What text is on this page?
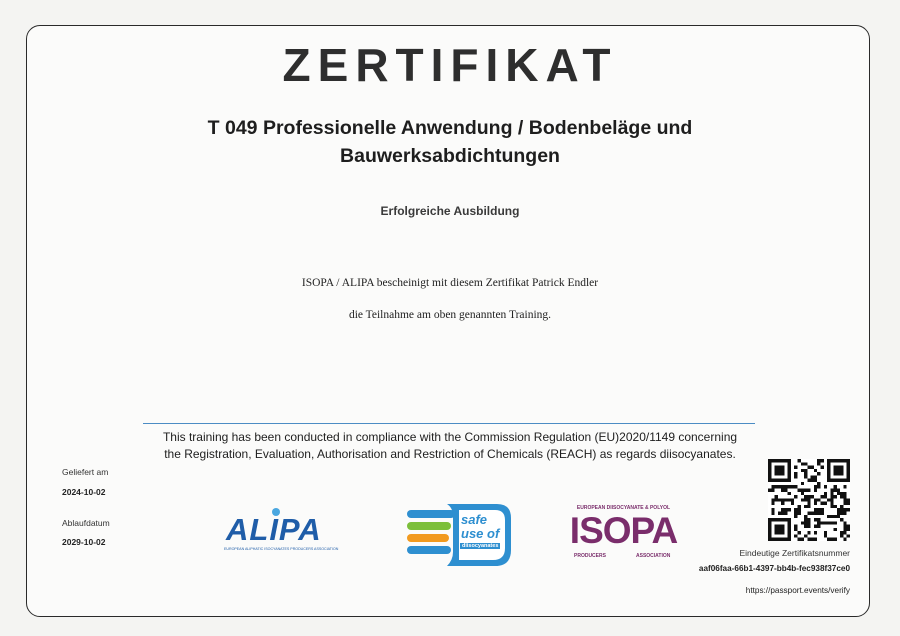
ZERTIFIKAT
T 049 Professionelle Anwendung / Bodenbeläge und
Bauwerksabdichtungen
Erfolgreiche Ausbildung
ISOPA / ALIPA bescheinigt mit diesem Zertifikat Patrick Endler
die Teilnahme am oben genannten Training.
This training has been conducted in compliance with the Commission Regulation (EU)2020/1149 concerning
the Registration, Evaluation, Authorisation and Restriction of Chemicals (REACH) as regards diisocyanates.
Geliefert am
2024-10-02
Ablaufdatum
2029-10-02	ALIPA
EUROPEAN ALIPHATIC ISOCYANATES PRODUCERS ASSOCIATION
safe
use of
diisocyanates
EUROPEAN DIISOCYANATE & POLYOL
ISOPA
PRODUCERS	ASSOCIATION	Eindeutige Zertifikatsnummer
aaf06faa-66b1-4397-bb4b-fec938f37ce0
https://passport.events/verify
